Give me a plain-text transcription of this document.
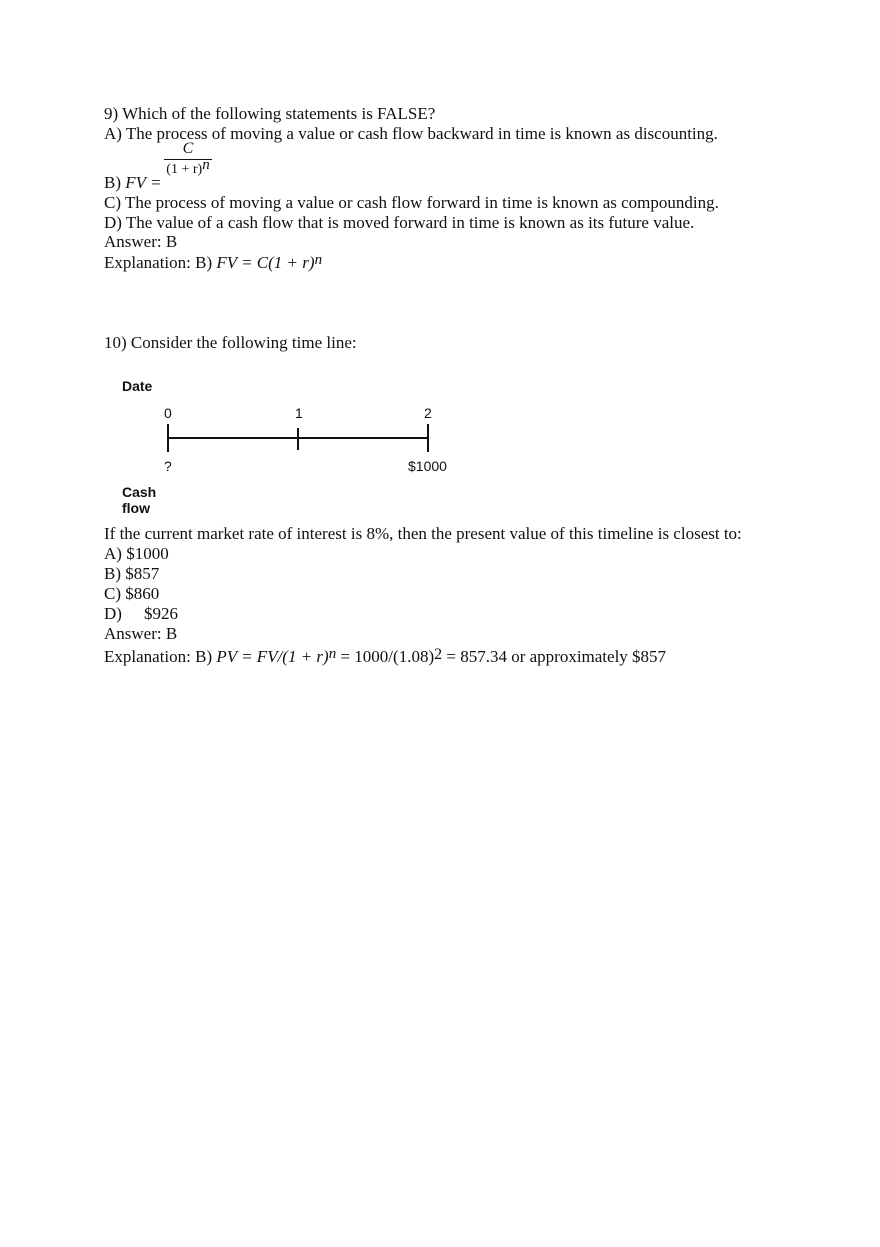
9) Which of the following statements is FALSE?
A) The process of moving a value or cash flow backward in time is known as discounting.
C
$(1 + r)^n$
B) FV =
C) The process of moving a value or cash flow forward in time is known as compounding.
D) The value of a cash flow that is moved forward in time is known as its future value.
Answer: B
Explanation: B) FV = $C(1 + r)^n$
10) Consider the following time line:
Date
0	1	2
?	$1000
Cash
flow
If the current market rate of interest is 8%, then the present value of this timeline is closest to:
A) $1000
B) $857
C) $860
D) $926
Answer: B
Explanation: B) PV = $FV/(1 + r)^n = 1000/(1.08)^2 = 857.34$ or approximately $857
